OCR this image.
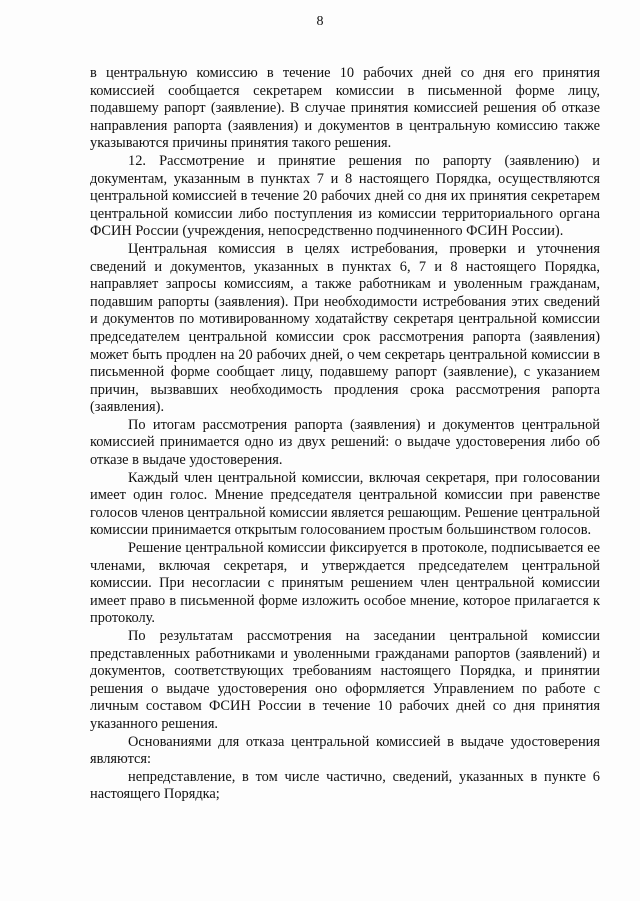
8

в центральную комиссию в течение 10 рабочих дней со дня его принятия комиссией сообщается секретарем комиссии в письменной форме лицу, подавшему рапорт (заявление). В случае принятия комиссией решения об отказе направления рапорта (заявления) и документов в центральную комиссию также указываются причины принятия такого решения.

12. Рассмотрение и принятие решения по рапорту (заявлению) и документам, указанным в пунктах 7 и 8 настоящего Порядка, осуществляются центральной комиссией в течение 20 рабочих дней со дня их принятия секретарем центральной комиссии либо поступления из комиссии территориального органа ФСИН России (учреждения, непосредственно подчиненного ФСИН России).

Центральная комиссия в целях истребования, проверки и уточнения сведений и документов, указанных в пунктах 6, 7 и 8 настоящего Порядка, направляет запросы комиссиям, а также работникам и уволенным гражданам, подавшим рапорты (заявления). При необходимости истребования этих сведений и документов по мотивированному ходатайству секретаря центральной комиссии председателем центральной комиссии срок рассмотрения рапорта (заявления) может быть продлен на 20 рабочих дней, о чем секретарь центральной комиссии в письменной форме сообщает лицу, подавшему рапорт (заявление), с указанием причин, вызвавших необходимость продления срока рассмотрения рапорта (заявления).

По итогам рассмотрения рапорта (заявления) и документов центральной комиссией принимается одно из двух решений: о выдаче удостоверения либо об отказе в выдаче удостоверения.

Каждый член центральной комиссии, включая секретаря, при голосовании имеет один голос. Мнение председателя центральной комиссии при равенстве голосов членов центральной комиссии является решающим. Решение центральной комиссии принимается открытым голосованием простым большинством голосов.

Решение центральной комиссии фиксируется в протоколе, подписывается ее членами, включая секретаря, и утверждается председателем центральной комиссии. При несогласии с принятым решением член центральной комиссии имеет право в письменной форме изложить особое мнение, которое прилагается к протоколу.

По результатам рассмотрения на заседании центральной комиссии представленных работниками и уволенными гражданами рапортов (заявлений) и документов, соответствующих требованиям настоящего Порядка, и принятии решения о выдаче удостоверения оно оформляется Управлением по работе с личным составом ФСИН России в течение 10 рабочих дней со дня принятия указанного решения.

Основаниями для отказа центральной комиссией в выдаче удостоверения являются:

непредставление, в том числе частично, сведений, указанных в пункте 6 настоящего Порядка;
